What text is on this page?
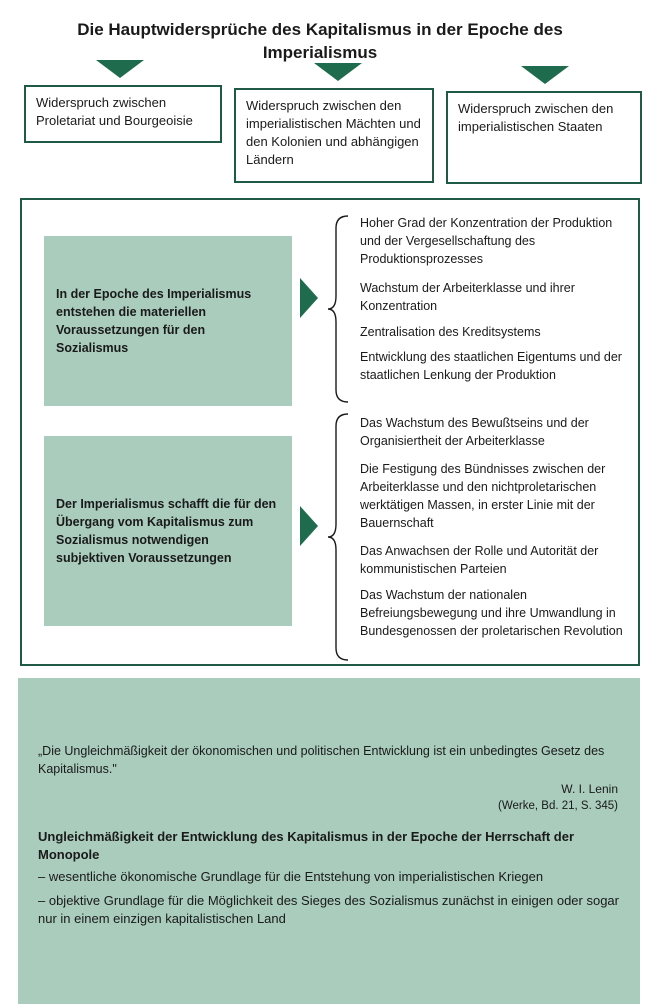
Die Hauptwidersprüche des Kapitalismus in der Epoche des Imperialismus
Widerspruch zwischen Proletariat und Bourgeoisie
Widerspruch zwischen den imperialistischen Mächten und den Kolonien und abhängigen Ländern
Widerspruch zwischen den imperialistischen Staaten
In der Epoche des Imperialismus entstehen die materiellen Voraussetzungen für den Sozialismus
Hoher Grad der Konzentration der Produktion und der Vergesellschaftung des Produktionsprozesses
Wachstum der Arbeiterklasse und ihrer Konzentration
Zentralisation des Kreditsystems
Entwicklung des staatlichen Eigentums und der staatlichen Lenkung der Produktion
Der Imperialismus schafft die für den Übergang vom Kapitalismus zum Sozialismus notwendigen subjektiven Voraussetzungen
Das Wachstum des Bewußtseins und der Organisiertheit der Arbeiterklasse
Die Festigung des Bündnisses zwischen der Arbeiterklasse und den nichtproletarischen werktätigen Massen, in erster Linie mit der Bauernschaft
Das Anwachsen der Rolle und Autorität der kommunistischen Parteien
Das Wachstum der nationalen Befreiungsbewegung und ihre Umwandlung in Bundesgenossen der proletarischen Revolution
„Die Ungleichmäßigkeit der ökonomischen und politischen Entwicklung ist ein unbedingtes Gesetz des Kapitalismus."
W. I. Lenin
(Werke, Bd. 21, S. 345)
Ungleichmäßigkeit der Entwicklung des Kapitalismus in der Epoche der Herrschaft der Monopole
– wesentliche ökonomische Grundlage für die Entstehung von imperialistischen Kriegen
– objektive Grundlage für die Möglichkeit des Sieges des Sozialismus zunächst in einigen oder sogar nur in einem einzigen kapitalistischen Land
